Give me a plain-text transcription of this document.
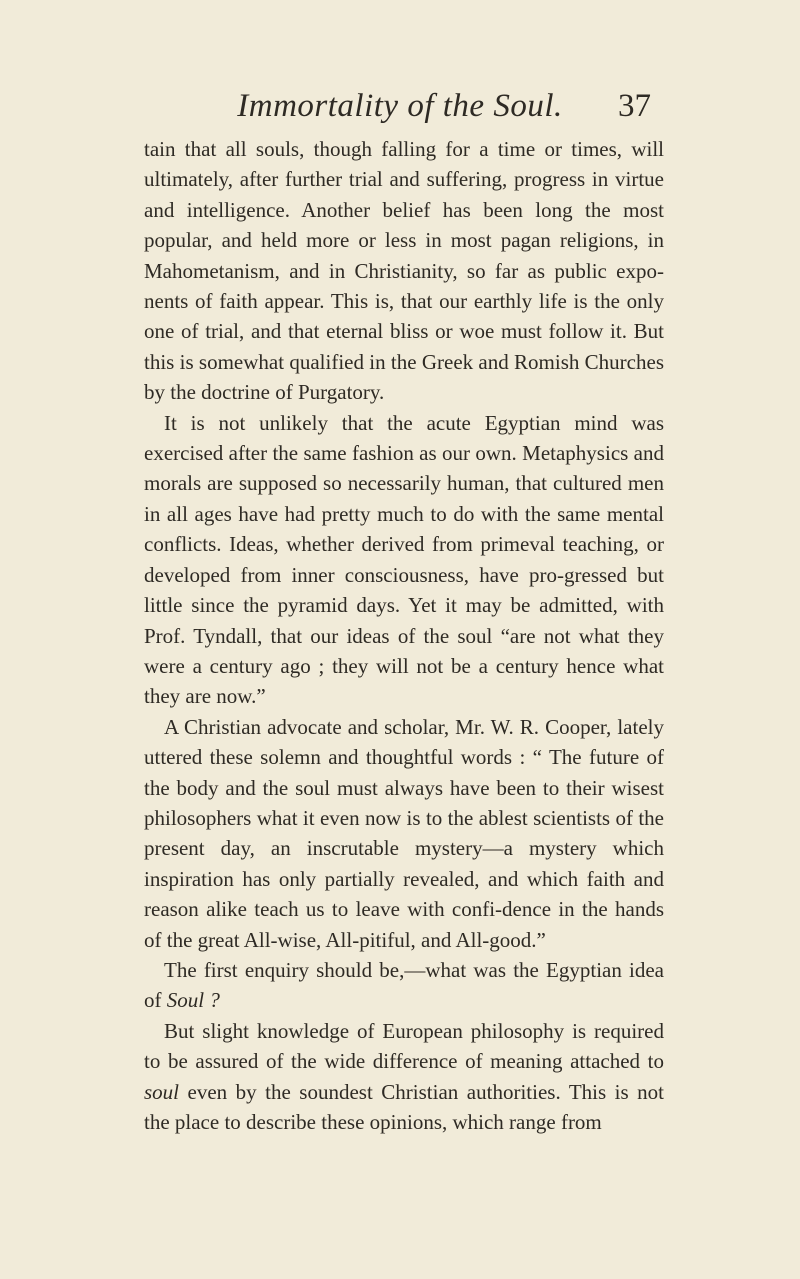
Immortality of the Soul.	37

tain that all souls, though falling for a time or times, will ultimately, after further trial and suffering, progress in virtue and intelligence. Another belief has been long the most popular, and held more or less in most pagan religions, in Mahometanism, and in Christianity, so far as public expo-nents of faith appear. This is, that our earthly life is the only one of trial, and that eternal bliss or woe must follow it. But this is somewhat qualified in the Greek and Romish Churches by the doctrine of Purgatory.

It is not unlikely that the acute Egyptian mind was exercised after the same fashion as our own. Metaphysics and morals are supposed so necessarily human, that cultured men in all ages have had pretty much to do with the same mental conflicts. Ideas, whether derived from primeval teaching, or developed from inner consciousness, have pro-gressed but little since the pyramid days. Yet it may be admitted, with Prof. Tyndall, that our ideas of the soul “are not what they were a century ago ; they will not be a century hence what they are now.”

A Christian advocate and scholar, Mr. W. R. Cooper, lately uttered these solemn and thoughtful words : “ The future of the body and the soul must always have been to their wisest philosophers what it even now is to the ablest scientists of the present day, an inscrutable mystery—a mystery which inspiration has only partially revealed, and which faith and reason alike teach us to leave with confi-dence in the hands of the great All-wise, All-pitiful, and All-good.”

The first enquiry should be,—what was the Egyptian idea of Soul ?

But slight knowledge of European philosophy is required to be assured of the wide difference of meaning attached to soul even by the soundest Christian authorities. This is not the place to describe these opinions, which range from
